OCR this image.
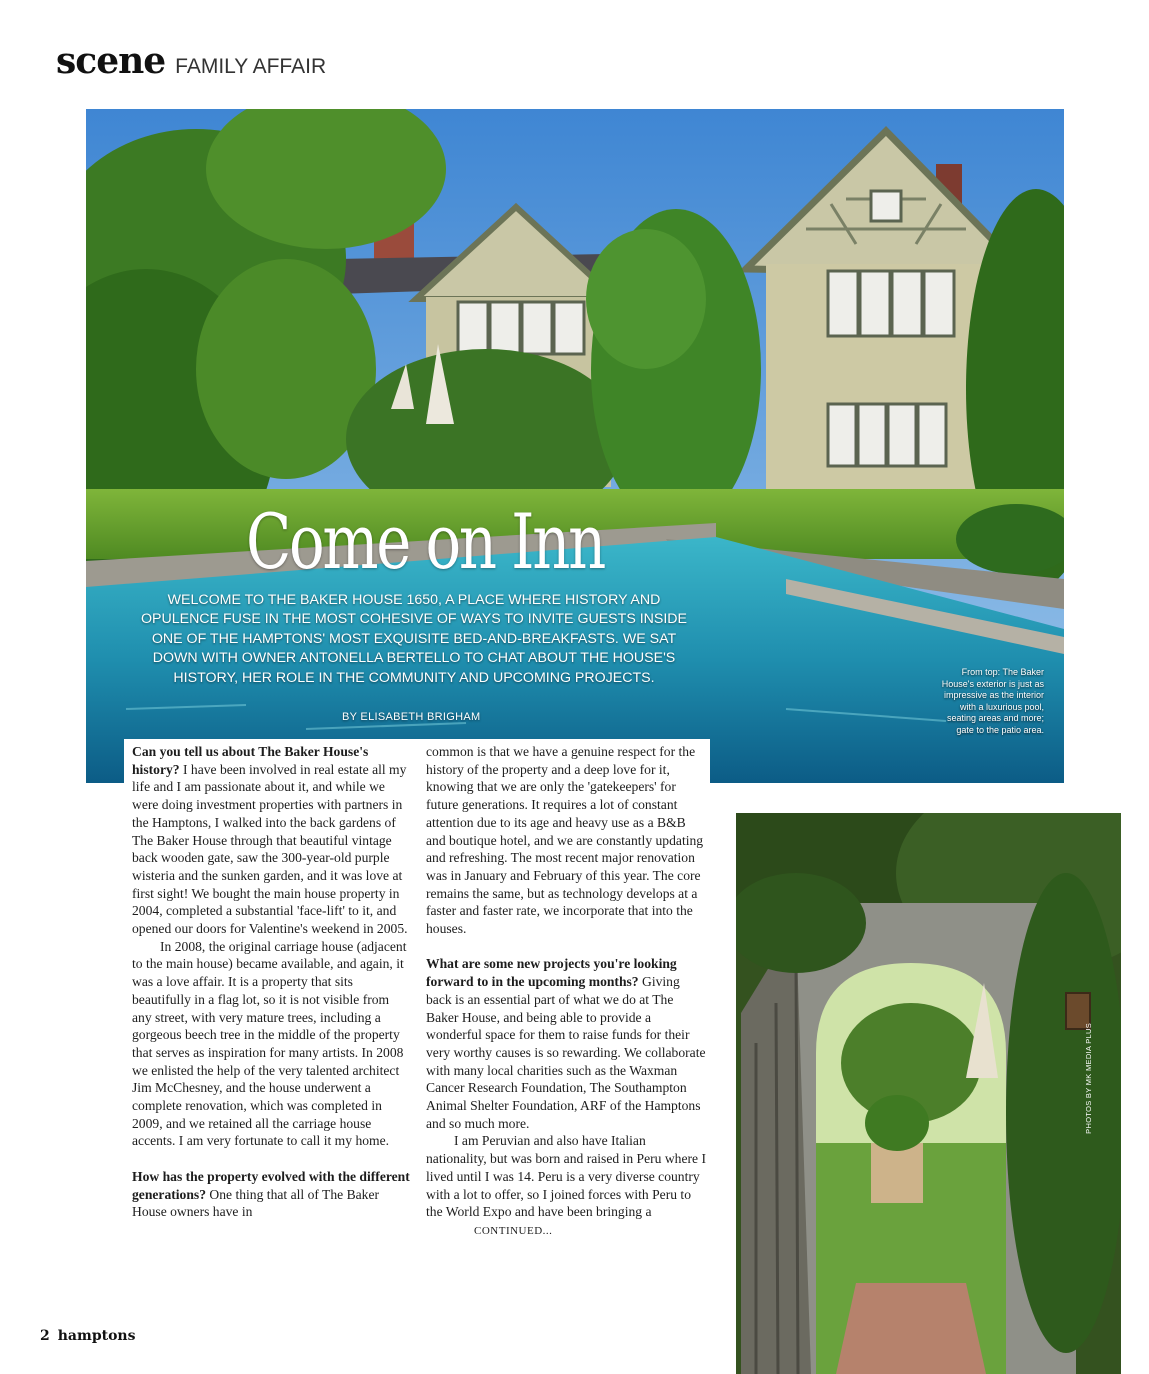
scene FAMILY AFFAIR
Come on Inn
WELCOME TO THE BAKER HOUSE 1650, A PLACE WHERE HISTORY AND OPULENCE FUSE IN THE MOST COHESIVE OF WAYS TO INVITE GUESTS INSIDE ONE OF THE HAMPTONS' MOST EXQUISITE BED-AND-BREAKFASTS. WE SAT DOWN WITH OWNER ANTONELLA BERTELLO TO CHAT ABOUT THE HOUSE'S HISTORY, HER ROLE IN THE COMMUNITY AND UPCOMING PROJECTS.
BY ELISABETH BRIGHAM
From top: The Baker House's exterior is just as impressive as the interior with a luxurious pool, seating areas and more; gate to the patio area.

Can you tell us about The Baker House's history? I have been involved in real estate all my life and I am passionate about it, and while we were doing investment properties with partners in the Hamptons, I walked into the back gardens of The Baker House through that beautiful vintage back wooden gate, saw the 300-year-old purple wisteria and the sunken garden, and it was love at first sight! We bought the main house property in 2004, completed a substantial 'face-lift' to it, and opened our doors for Valentine's weekend in 2005.

In 2008, the original carriage house (adjacent to the main house) became available, and again, it was a love affair. It is a property that sits beautifully in a flag lot, so it is not visible from any street, with very mature trees, including a gorgeous beech tree in the middle of the property that serves as inspiration for many artists. In 2008 we enlisted the help of the very talented architect Jim McChesney, and the house underwent a complete renovation, which was completed in 2009, and we retained all the carriage house accents. I am very fortunate to call it my home.

How has the property evolved with the different generations? One thing that all of The Baker House owners have in

common is that we have a genuine respect for the history of the property and a deep love for it, knowing that we are only the 'gatekeepers' for future generations. It requires a lot of constant attention due to its age and heavy use as a B&B and boutique hotel, and we are constantly updating and refreshing. The most recent major renovation was in January and February of this year. The core remains the same, but as technology develops at a faster and faster rate, we incorporate that into the houses.

What are some new projects you're looking forward to in the upcoming months? Giving back is an essential part of what we do at The Baker House, and being able to provide a wonderful space for them to raise funds for their very worthy causes is so rewarding. We collaborate with many local charities such as the Waxman Cancer Research Foundation, The Southampton Animal Shelter Foundation, ARF of the Hamptons and so much more.

I am Peruvian and also have Italian nationality, but was born and raised in Peru where I lived until I was 14. Peru is a very diverse country with a lot to offer, so I joined forces with Peru to the World Expo and have been bringing aCONTINUED...

PHOTOS BY MK MEDIA PLUS
2 hamptons
